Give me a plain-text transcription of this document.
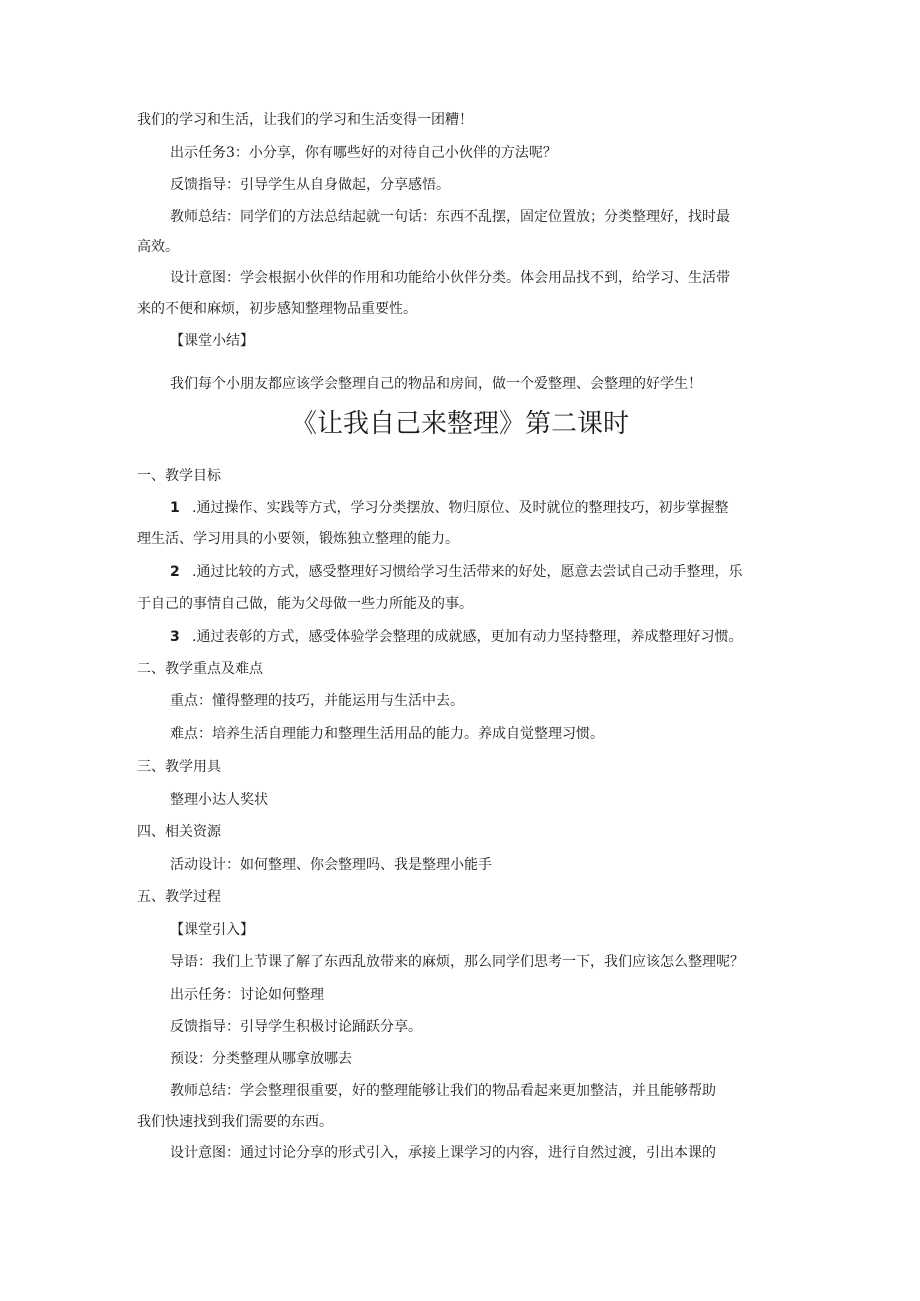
我们的学习和生活，让我们的学习和生活变得一团糟！
出示任务3：小分享，你有哪些好的对待自己小伙伴的方法呢？
反馈指导：引导学生从自身做起，分享感悟。
教师总结：同学们的方法总结起就一句话：东西不乱摆，固定位置放；分类整理好，找时最
高效。
设计意图：学会根据小伙伴的作用和功能给小伙伴分类。体会用品找不到，给学习、生活带
来的不便和麻烦，初步感知整理物品重要性。
【课堂小结】
我们每个小朋友都应该学会整理自己的物品和房间，做一个爱整理、会整理的好学生！
《让我自己来整理》第二课时
一、教学目标
1 .通过操作、实践等方式，学习分类摆放、物归原位、及时就位的整理技巧，初步掌握整
理生活、学习用具的小要领，锻炼独立整理的能力。
2 .通过比较的方式，感受整理好习惯给学习生活带来的好处，愿意去尝试自己动手整理，乐
于自己的事情自己做，能为父母做一些力所能及的事。
3 .通过表彰的方式，感受体验学会整理的成就感，更加有动力坚持整理，养成整理好习惯。
二、教学重点及难点
重点：懂得整理的技巧，并能运用与生活中去。
难点：培养生活自理能力和整理生活用品的能力。养成自觉整理习惯。
三、教学用具
整理小达人奖状
四、相关资源
活动设计：如何整理、你会整理吗、我是整理小能手
五、教学过程
【课堂引入】
导语：我们上节课了解了东西乱放带来的麻烦，那么同学们思考一下，我们应该怎么整理呢？
出示任务：讨论如何整理
反馈指导：引导学生积极讨论踊跃分享。
预设：分类整理从哪拿放哪去
教师总结：学会整理很重要，好的整理能够让我们的物品看起来更加整洁，并且能够帮助
我们快速找到我们需要的东西。
设计意图：通过讨论分享的形式引入，承接上课学习的内容，进行自然过渡，引出本课的
